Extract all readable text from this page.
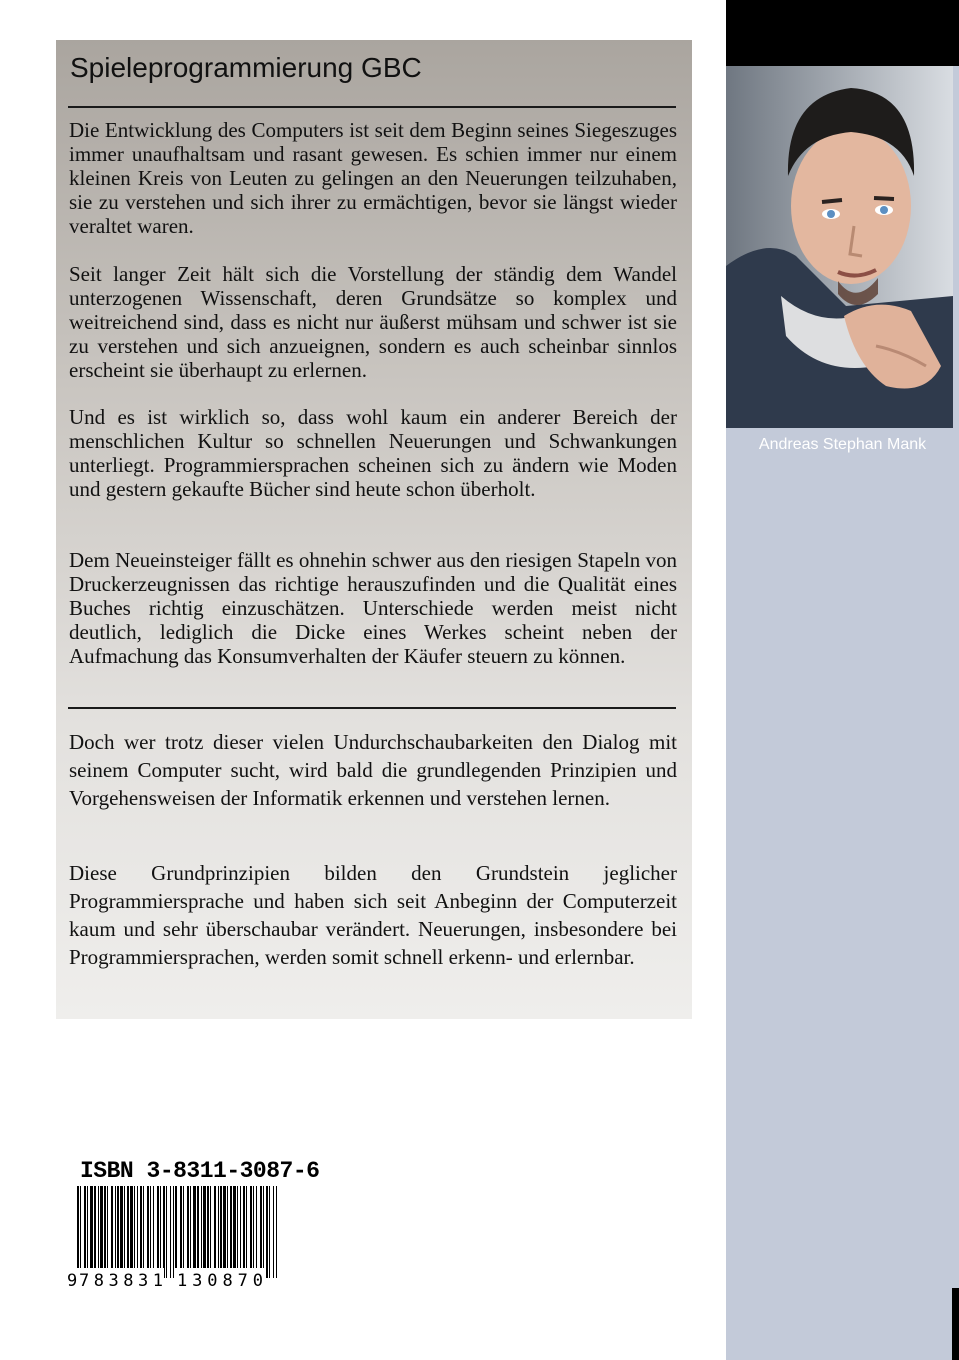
Spieleprogrammierung GBC

Die Entwicklung des Computers ist seit dem Beginn seines Siegeszuges immer unaufhaltsam und rasant gewesen. Es schien immer nur einem kleinen Kreis von Leuten zu gelingen an den Neuerungen teilzuhaben, sie zu verstehen und sich ihrer zu ermächtigen, bevor sie längst wieder veraltet waren.

Seit langer Zeit hält sich die Vorstellung der ständig dem Wandel unterzogenen Wissenschaft, deren Grundsätze so komplex und weitreichend sind, dass es nicht nur äußerst mühsam und schwer ist sie zu verstehen und sich anzueignen, sondern es auch scheinbar sinnlos erscheint sie überhaupt zu erlernen.

Und es ist wirklich so, dass wohl kaum ein anderer Bereich der menschlichen Kultur so schnellen Neuerungen und Schwankungen unterliegt. Programmiersprachen scheinen sich zu ändern wie Moden und gestern gekaufte Bücher sind heute schon überholt.

Dem Neueinsteiger fällt es ohnehin schwer aus den riesigen Stapeln von Druckerzeugnissen das richtige herauszufinden und die Qualität eines Buches richtig einzuschätzen. Unterschiede werden meist nicht deutlich, lediglich die Dicke eines Werkes scheint neben der Aufmachung das Konsumverhalten der Käufer steuern zu können.

Doch wer trotz dieser vielen Undurchschaubarkeiten den Dialog mit seinem Computer sucht, wird bald die grundlegenden Prinzipien und Vorgehensweisen der Informatik erkennen und verstehen lernen.

Diese Grundprinzipien bilden den Grundstein jeglicher Programmiersprache und haben sich seit Anbeginn der Computerzeit kaum und sehr überschaubar verändert. Neuerungen, insbesondere bei Programmiersprachen, werden somit schnell erkenn- und erlernbar.

Andreas Stephan Mank
ISBN 3-8311-3087-6
9 783831 130870
